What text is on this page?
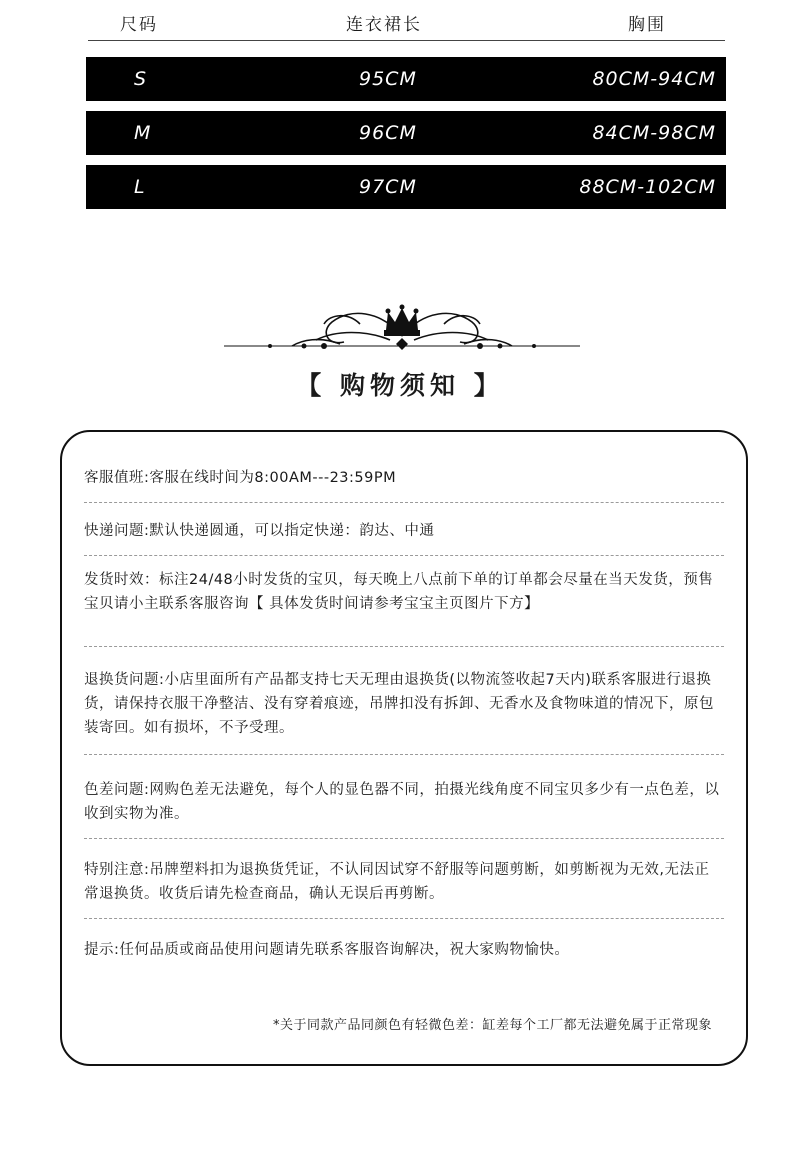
尺码	连衣裙长	胸围
S	95CM	80CM-94CM
M	96CM	84CM-98CM
L	97CM	88CM-102CM
【 购物须知 】
客服值班:客服在线时间为8:00AM---23:59PM
快递问题:默认快递圆通，可以指定快递：韵达、中通
发货时效：标注24/48小时发货的宝贝，每天晚上八点前下单的订单都会尽量在当天发货，预售宝贝请小主联系客服咨询【 具体发货时间请参考宝宝主页图片下方】
退换货问题:小店里面所有产品都支持七天无理由退换货(以物流签收起7天内)联系客服进行退换货，请保持衣服干净整洁、没有穿着痕迹，吊牌扣没有拆卸、无香水及食物味道的情况下，原包装寄回。如有损坏，不予受理。
色差问题:网购色差无法避免，每个人的显色器不同，拍摄光线角度不同宝贝多少有一点色差，以收到实物为准。
特别注意:吊牌塑料扣为退换货凭证，不认同因试穿不舒服等问题剪断，如剪断视为无效,无法正常退换货。收货后请先检查商品，确认无误后再剪断。
提示:任何品质或商品使用问题请先联系客服咨询解决，祝大家购物愉快。
*关于同款产品同颜色有轻微色差：缸差每个工厂都无法避免属于正常现象
